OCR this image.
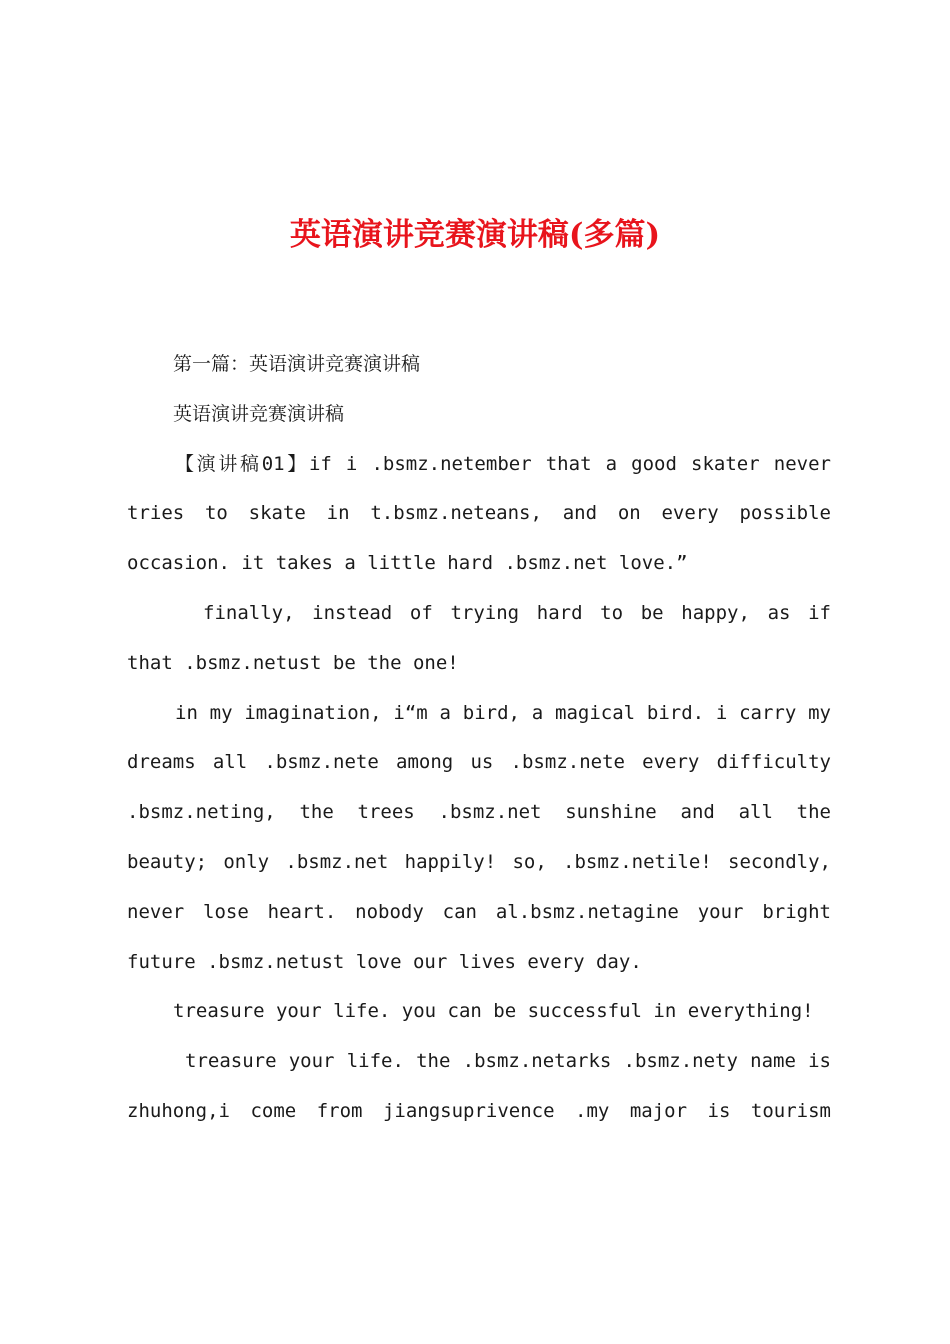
英语演讲竞赛演讲稿(多篇)

第一篇：英语演讲竞赛演讲稿

英语演讲竞赛演讲稿

【演讲稿01】if i .bsmz.netember that a good skater never tries to skate in t.bsmz.neteans, and on every possible occasion. it takes a little hard .bsmz.net love.”

finally, instead of trying hard to be happy, as if that .bsmz.netust be the one!

in my imagination, i“m a bird, a magical bird. i carry my dreams all .bsmz.nete among us .bsmz.nete every difficulty .bsmz.neting, the trees .bsmz.net sunshine and all the beauty; only .bsmz.net happily! so, .bsmz.netile! secondly, never lose heart. nobody can al.bsmz.netagine your bright future .bsmz.netust love our lives every day.

treasure your life. you can be successful in everything!

treasure your life. the .bsmz.netarks .bsmz.nety name is zhuhong,i come from jiangsuprivence .my major is tourism
